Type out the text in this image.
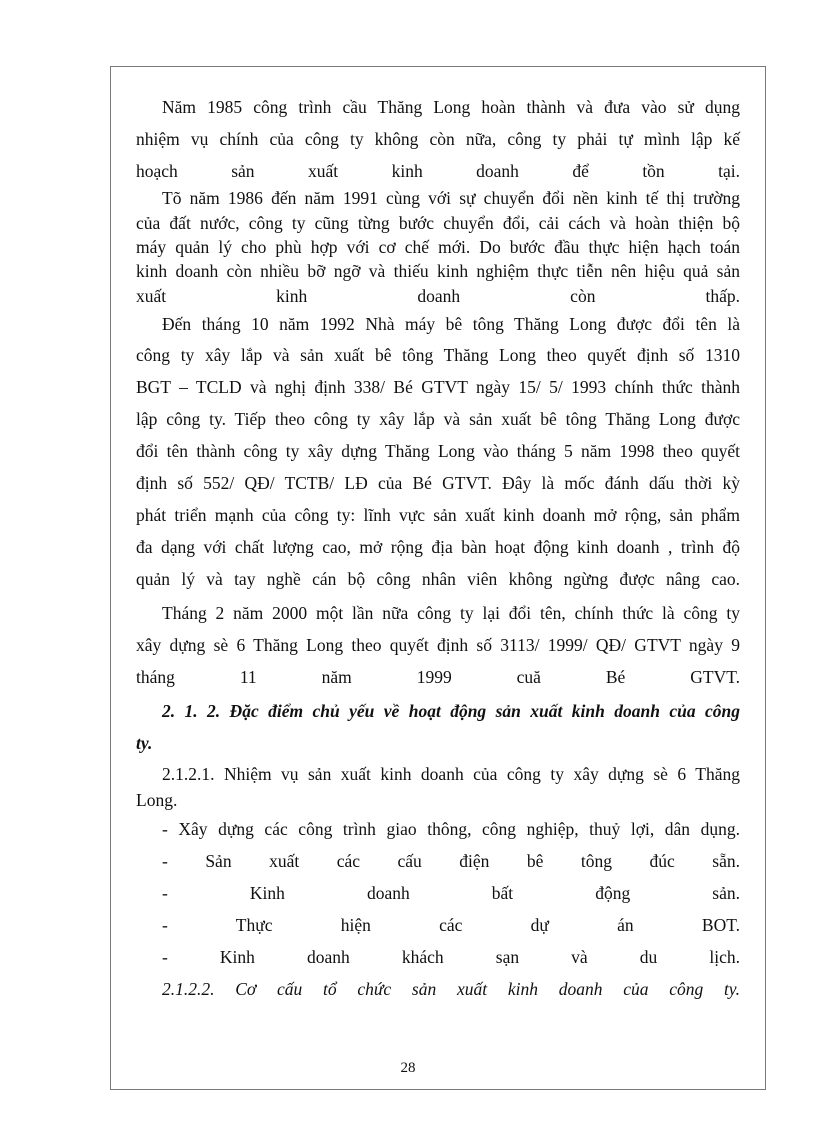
Năm 1985 công trình cầu Thăng Long hoàn thành và đưa vào sử dụng
nhiệm vụ chính của công ty không còn nữa, công ty phải tự mình lập kế
hoạch sản xuất kinh doanh để tồn tại.
Tõ năm 1986 đến năm 1991 cùng với sự chuyển đổi nền kinh tế thị trường
của đất nước, công ty cũng từng bước chuyển đổi, cải cách và hoàn thiện bộ
máy quản lý cho phù hợp với cơ chế mới. Do bước đầu thực hiện hạch toán
kinh doanh còn nhiều bỡ ngỡ và thiếu kinh nghiệm thực tiễn nên hiệu quả sản
xuất kinh doanh còn thấp.
Đến tháng 10 năm 1992 Nhà máy bê tông Thăng Long được đổi tên là
công ty xây lắp và sản xuất bê tông Thăng Long theo quyết định số 1310
BGT – TCLD và nghị định 338/ Bé GTVT ngày 15/ 5/ 1993 chính thức thành
lập công ty. Tiếp theo công ty xây lắp và sản xuất bê tông Thăng Long được
đổi tên thành công ty xây dựng Thăng Long vào tháng 5 năm 1998 theo quyết
định số 552/ QĐ/ TCTB/ LĐ của Bé GTVT. Đây là mốc đánh dấu thời kỳ
phát triển mạnh của công ty: lĩnh vực sản xuất kinh doanh mở rộng, sản phẩm
đa dạng với chất lượng cao, mở rộng địa bàn hoạt động kinh doanh , trình độ
quản lý và tay nghề cán bộ công nhân viên không ngừng được nâng cao.
Tháng 2 năm 2000 một lần nữa công ty lại đổi tên, chính thức là công ty
xây dựng sè 6 Thăng Long theo quyết định số 3113/ 1999/ QĐ/ GTVT ngày 9
tháng 11 năm 1999 cuă Bé GTVT.
2. 1. 2. Đặc điểm chủ yếu về hoạt động sản xuất kinh doanh của công
ty.
2.1.2.1. Nhiệm vụ sản xuất kinh doanh của công ty xây dựng sè 6 Thăng
Long.
- Xây dựng các công trình giao thông, công nghiệp, thuỷ lợi, dân dụng.
- Sản xuất các cấu điện bê tông đúc sẵn.
- Kinh doanh bất động sản.
- Thực hiện các dự án BOT.
- Kinh doanh khách sạn và du lịch.
2.1.2.2. Cơ cấu tổ chức sản xuất kinh doanh của công ty.
28
